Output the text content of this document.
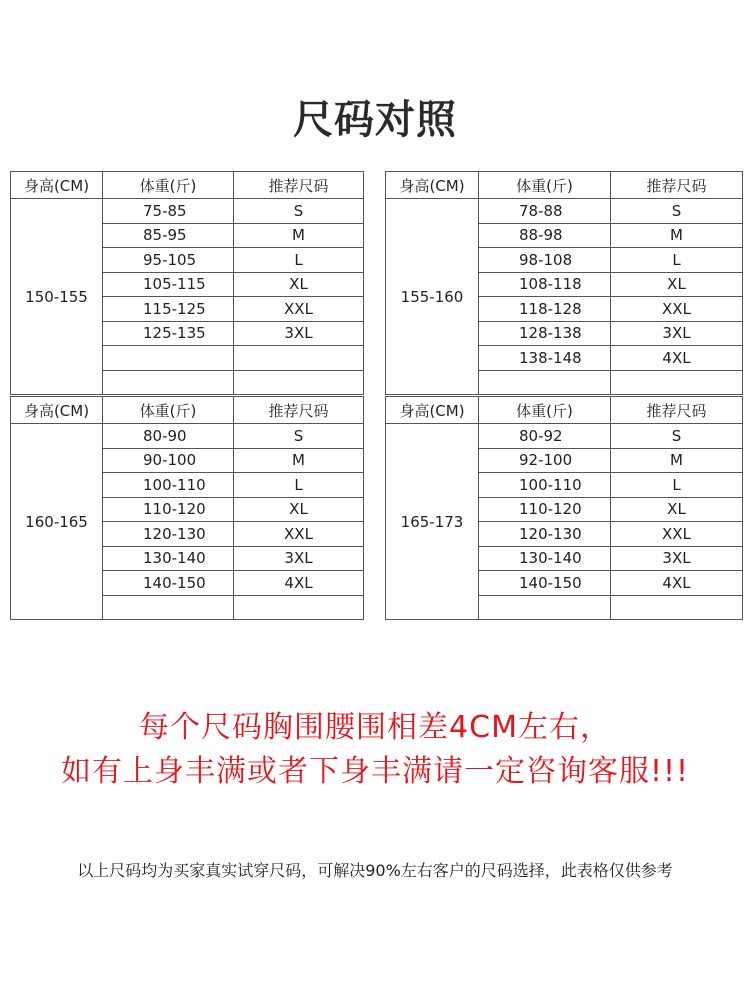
尺码对照
身高(CM)	体重(斤)	推荐尺码
150-155	75-85	S
	85-95	M
	95-105	L
	105-115	XL
	115-125	XXL
	125-135	3XL

身高(CM)	体重(斤)	推荐尺码
155-160	78-88	S
	88-98	M
	98-108	L
	108-118	XL
	118-128	XXL
	128-138	3XL
	138-148	4XL

身高(CM)	体重(斤)	推荐尺码
160-165	80-90	S
	90-100	M
	100-110	L
	110-120	XL
	120-130	XXL
	130-140	3XL
	140-150	4XL

身高(CM)	体重(斤)	推荐尺码
165-173	80-92	S
	92-100	M
	100-110	L
	110-120	XL
	120-130	XXL
	130-140	3XL
	140-150	4XL

每个尺码胸围腰围相差4CM左右，
如有上身丰满或者下身丰满请一定咨询客服!!!
以上尺码均为买家真实试穿尺码，可解决90%左右客户的尺码选择，此表格仅供参考
